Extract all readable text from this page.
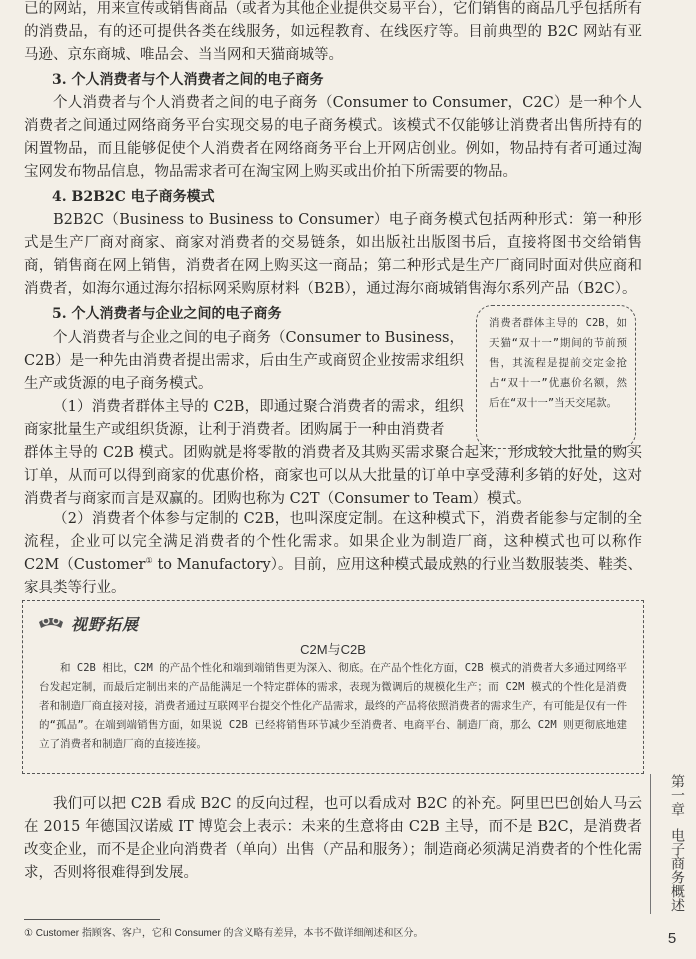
已的网站，用来宣传或销售商品（或者为其他企业提供交易平台），它们销售的商品几乎包括所有的消费品，有的还可提供各类在线服务，如远程教育、在线医疗等。目前典型的 B2C 网站有亚马逊、京东商城、唯品会、当当网和天猫商城等。

3. 个人消费者与个人消费者之间的电子商务

个人消费者与个人消费者之间的电子商务（Consumer to Consumer，C2C）是一种个人消费者之间通过网络商务平台实现交易的电子商务模式。该模式不仅能够让消费者出售所持有的闲置物品，而且能够促使个人消费者在网络商务平台上开网店创业。例如，物品持有者可通过淘宝网发布物品信息，物品需求者可在淘宝网上购买或出价拍下所需要的物品。

4. B2B2C 电子商务模式

B2B2C（Business to Business to Consumer）电子商务模式包括两种形式：第一种形式是生产厂商对商家、商家对消费者的交易链条，如出版社出版图书后，直接将图书交给销售商，销售商在网上销售，消费者在网上购买这一商品；第二种形式是生产厂商同时面对供应商和消费者，如海尔通过海尔招标网采购原材料（B2B），通过海尔商城销售海尔系列产品（B2C）。

5. 个人消费者与企业之间的电子商务

个人消费者与企业之间的电子商务（Consumer to Business，C2B）是一种先由消费者提出需求，后由生产或商贸企业按需求组织生产或货源的电子商务模式。

（1）消费者群体主导的 C2B，即通过聚合消费者的需求，组织商家批量生产或组织货源，让利于消费者。团购属于一种由消费者

消费者群体主导的 C2B，如天猫“双十一”期间的节前预售，其流程是提前交定金抢占“双十一”优惠价名额，然后在“双十一”当天交尾款。

群体主导的 C2B 模式。团购就是将零散的消费者及其购买需求聚合起来，形成较大批量的购买订单，从而可以得到商家的优惠价格，商家也可以从大批量的订单中享受薄利多销的好处，这对消费者与商家而言是双赢的。团购也称为 C2T（Consumer to Team）模式。

（2）消费者个体参与定制的 C2B，也叫深度定制。在这种模式下，消费者能参与定制的全流程，企业可以完全满足消费者的个性化需求。如果企业为制造厂商，这种模式也可以称作 C2M（Customer① to Manufactory）。目前，应用这种模式最成熟的行业当数服装类、鞋类、家具类等行业。

视野拓展
C2M与C2B
和 C2B 相比，C2M 的产品个性化和端到端销售更为深入、彻底。在产品个性化方面，C2B 模式的消费者大多通过网络平台发起定制，而最后定制出来的产品能满足一个特定群体的需求，表现为微调后的规模化生产；而 C2M 模式的个性化是消费者和制造厂商直接对接，消费者通过互联网平台提交个性化产品需求，最终的产品将依照消费者的需求生产，有可能是仅有一件的“孤品”。在端到端销售方面，如果说 C2B 已经将销售环节减少至消费者、电商平台、制造厂商，那么 C2M 则更彻底地建立了消费者和制造厂商的直接连接。

我们可以把 C2B 看成 B2C 的反向过程，也可以看成对 B2C 的补充。阿里巴巴创始人马云在 2015 年德国汉诺威 IT 博览会上表示：未来的生意将由 C2B 主导，而不是 B2C，是消费者改变企业，而不是企业向消费者（单向）出售（产品和服务）；制造商必须满足消费者的个性化需求，否则将很难得到发展。

第一章 电子商务概述
① Customer 指顾客、客户，它和 Consumer 的含义略有差异，本书不做详细阐述和区分。	5
